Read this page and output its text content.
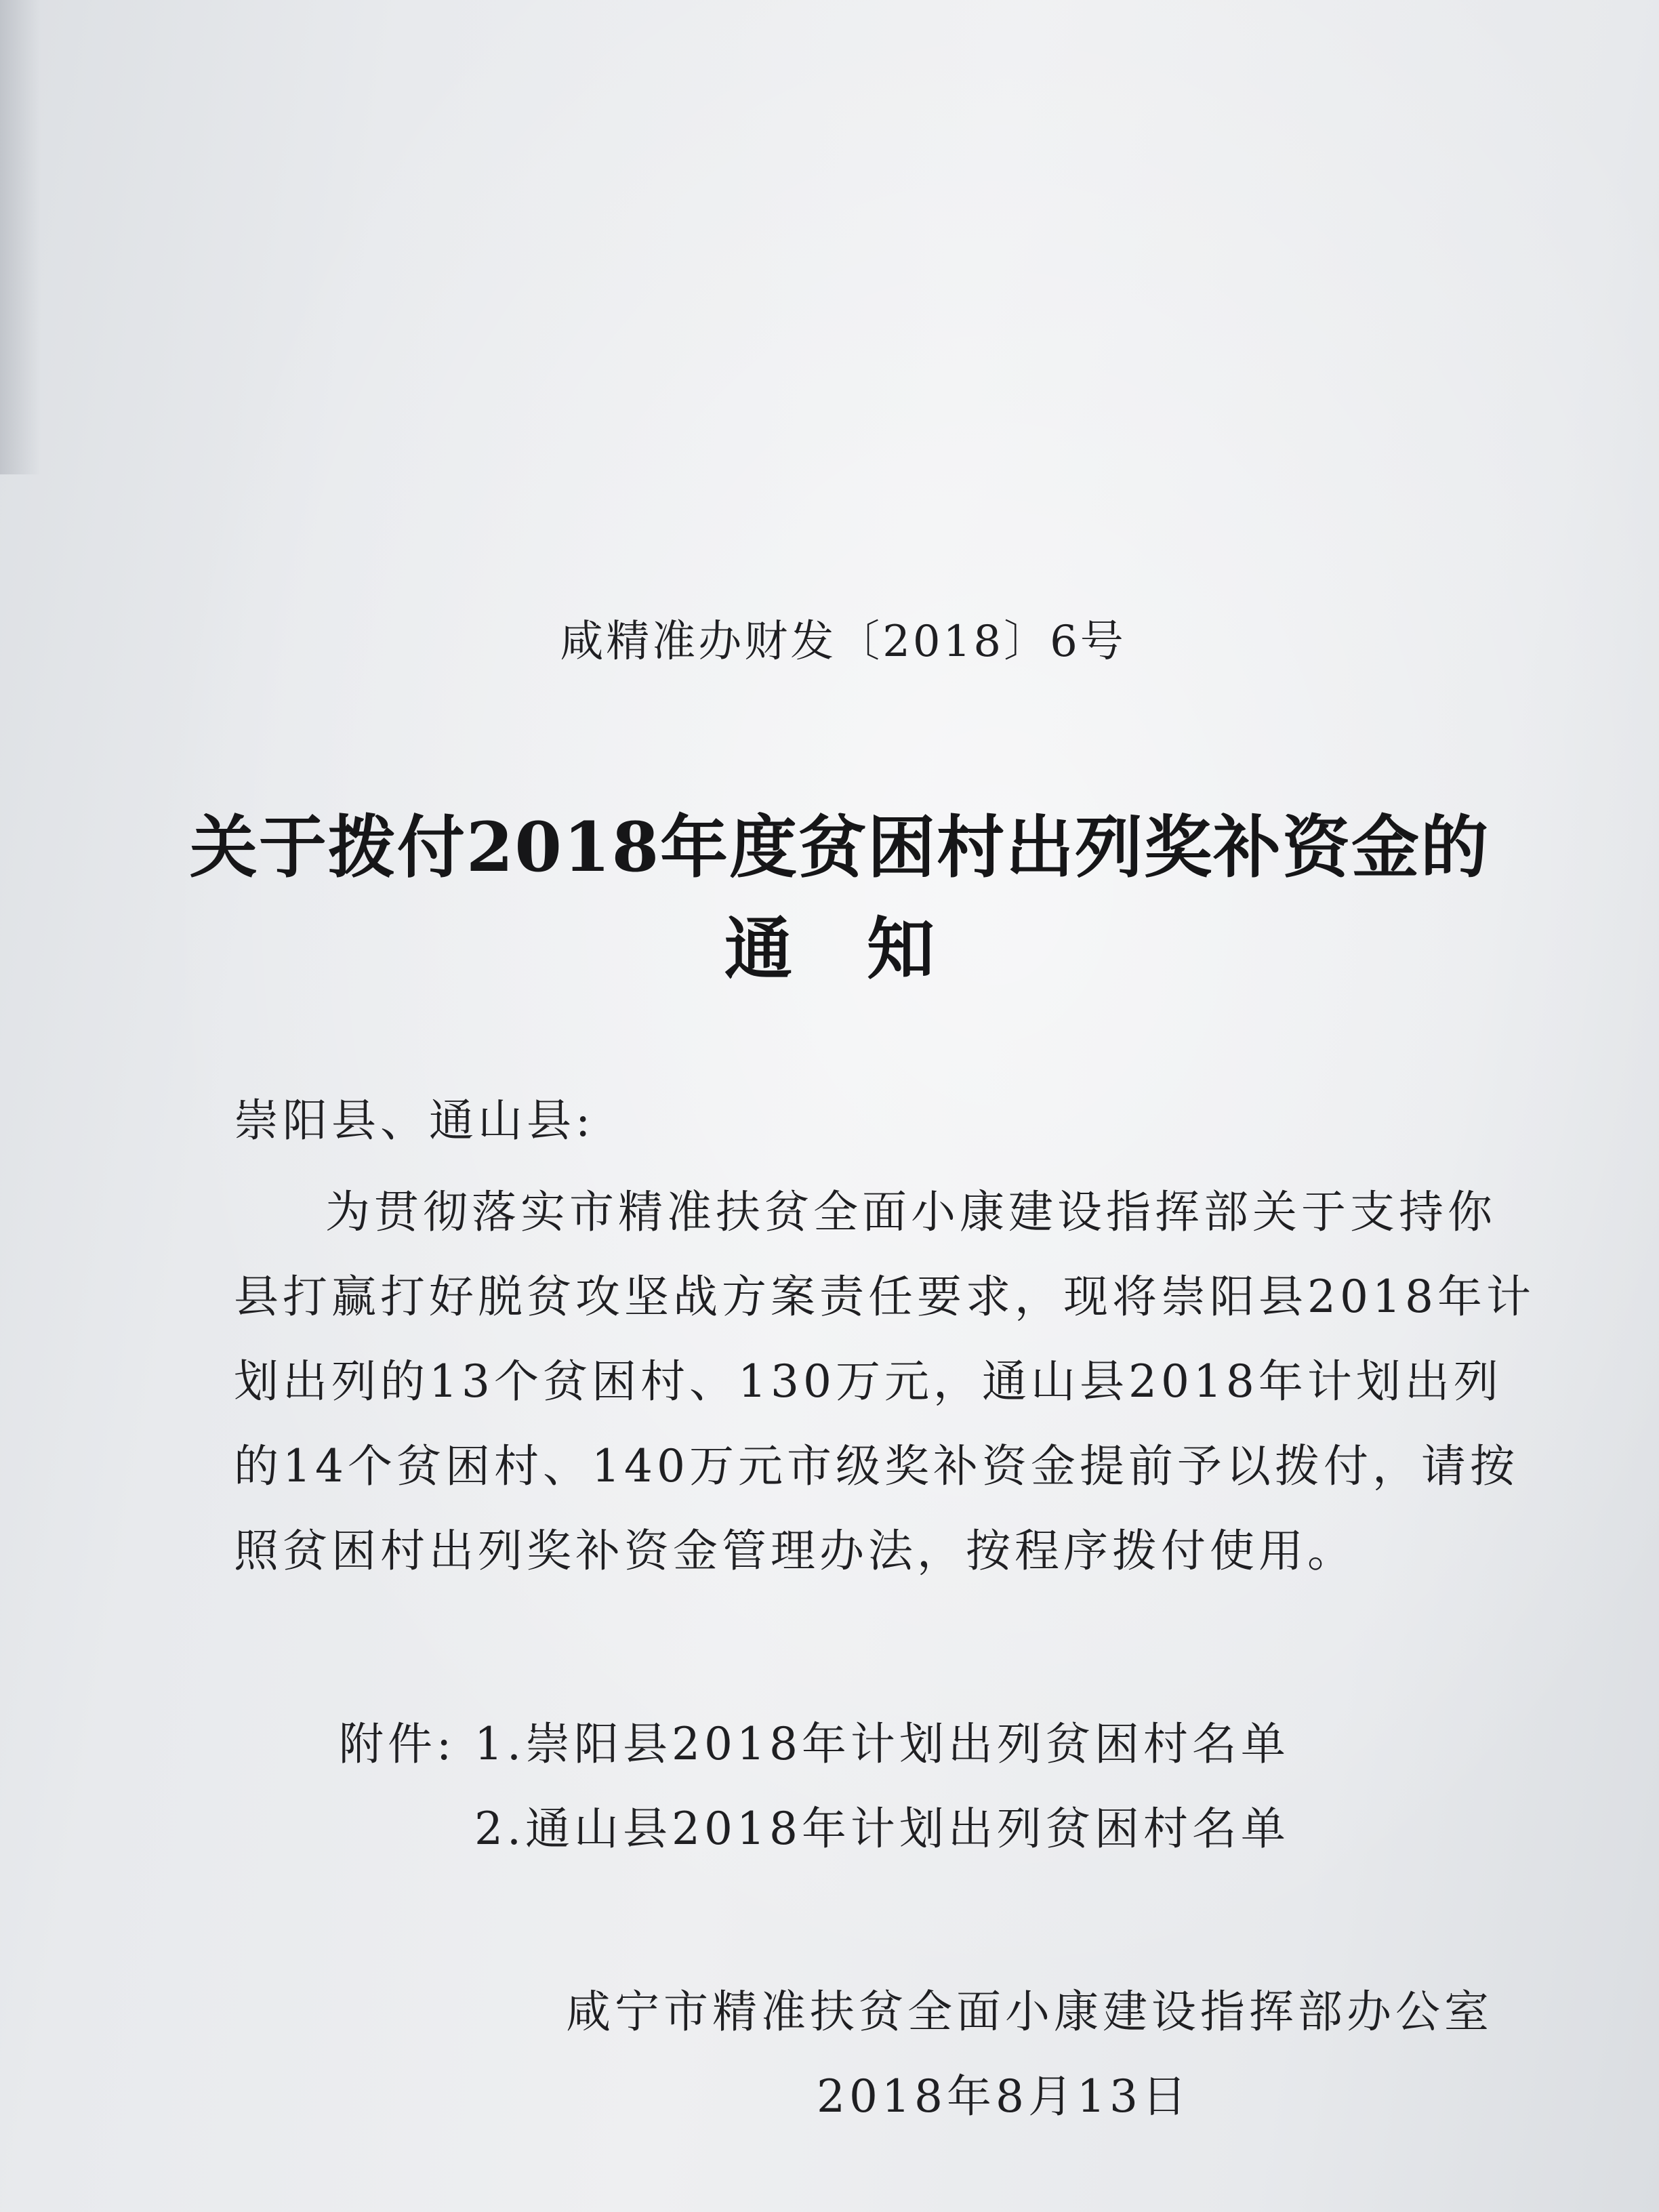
咸精准办财发〔2018〕6号
关于拨付2018年度贫困村出列奖补资金的
通知
崇阳县、通山县:
为贯彻落实市精准扶贫全面小康建设指挥部关于支持你
县打赢打好脱贫攻坚战方案责任要求，现将崇阳县2018年计
划出列的13个贫困村、130万元，通山县2018年计划出列
的14个贫困村、140万元市级奖补资金提前予以拨付，请按
照贫困村出列奖补资金管理办法，按程序拨付使用。
附件: 1.崇阳县2018年计划出列贫困村名单
2.通山县2018年计划出列贫困村名单
咸宁市精准扶贫全面小康建设指挥部办公室
2018年8月13日
